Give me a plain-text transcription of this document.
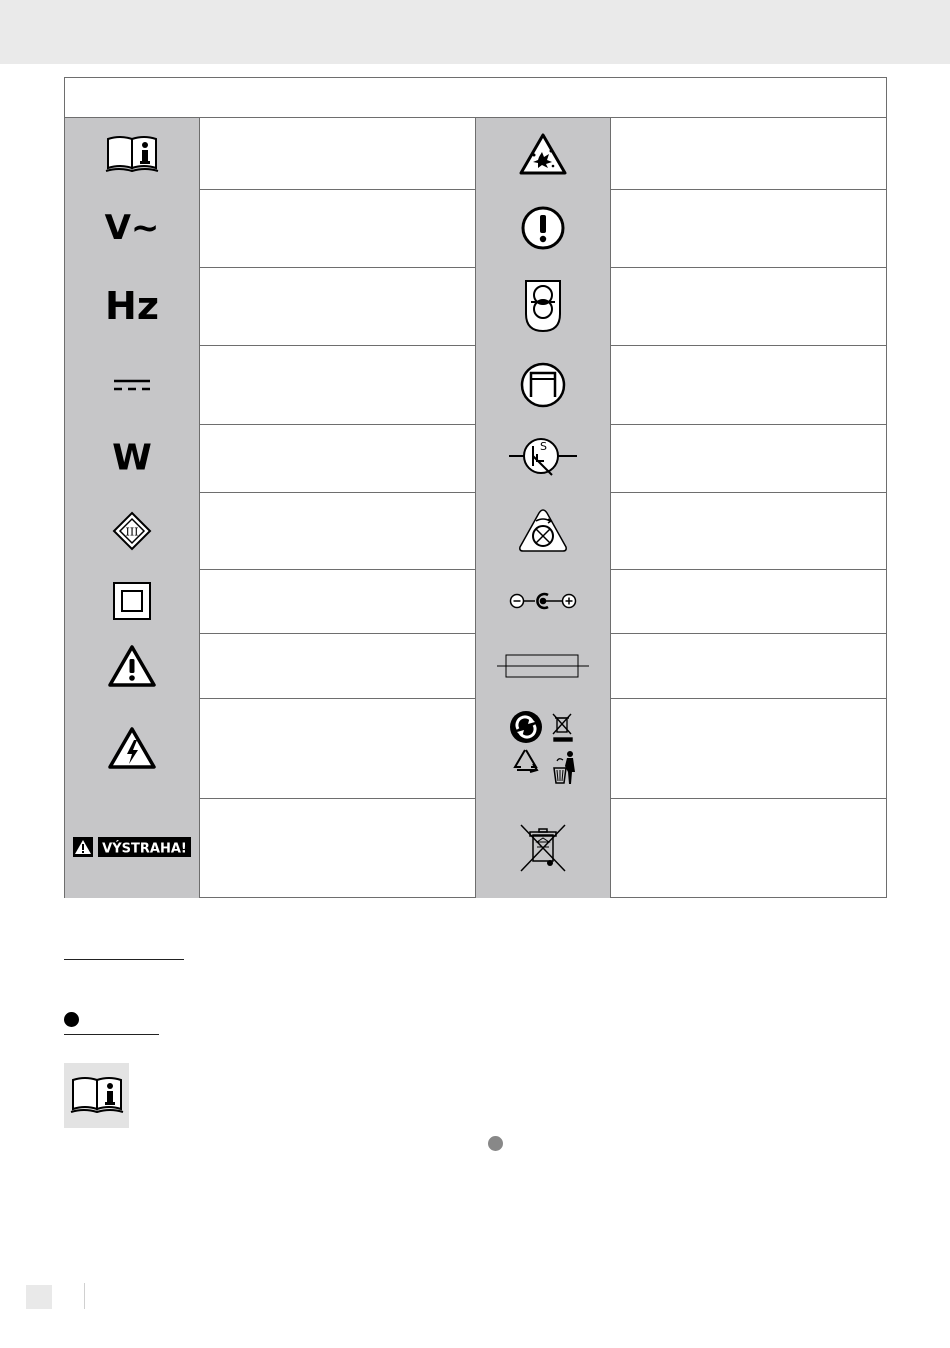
V~
Hz
W	S
III
VÝSTRAHA!
